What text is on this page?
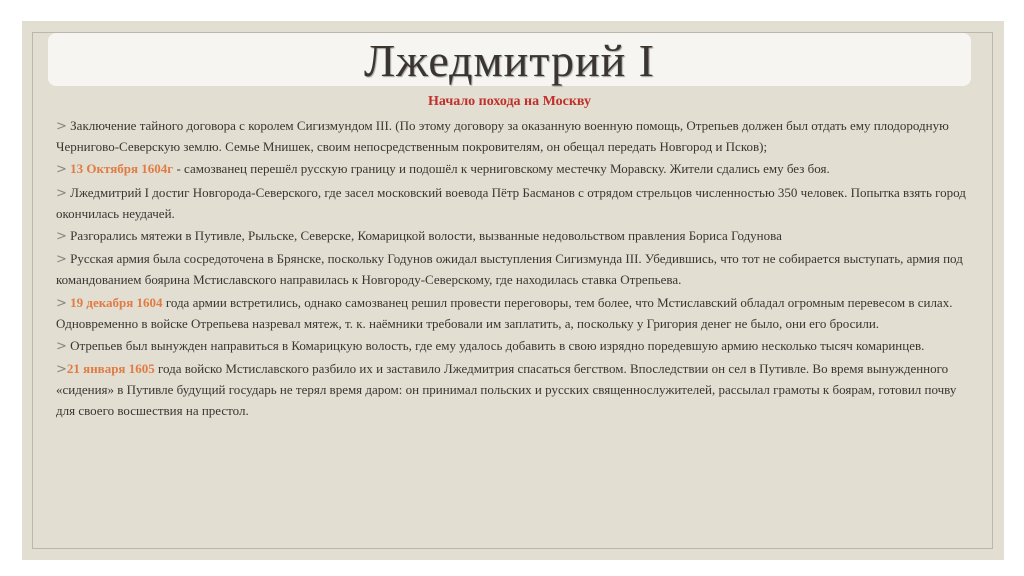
Лжедмитрий I
Начало похода на Москву

> Заключение тайного договора с королем Сигизмундом III. (По этому договору за оказанную военную помощь, Отрепьев должен был отдать ему плодородную Чернигово-Северскую землю. Семье Мнишек, своим непосредственным покровителям, он обещал передать Новгород и Псков);

> 13 Октября 1604г - самозванец перешёл русскую границу и подошёл к черниговскому местечку Моравску. Жители сдались ему без боя.

> Лжедмитрий I достиг Новгорода-Северского, где засел московский воевода Пётр Басманов с отрядом стрельцов численностью 350 человек. Попытка взять город окончилась неудачей.

> Разгорались мятежи в Путивле, Рыльске, Северске, Комарицкой волости, вызванные недовольством правления Бориса Годунова

> Русская армия была сосредоточена в Брянске, поскольку Годунов ожидал выступления Сигизмунда III. Убедившись, что тот не собирается выступать, армия под командованием боярина Мстиславского направилась к Новгороду-Северскому, где находилась ставка Отрепьева.

> 19 декабря 1604 года армии встретились, однако самозванец решил провести переговоры, тем более, что Мстиславский обладал огромным перевесом в силах. Одновременно в войске Отрепьева назревал мятеж, т. к. наёмники требовали им заплатить, а, поскольку у Григория денег не было, они его бросили.

> Отрепьев был вынужден направиться в Комарицкую волость, где ему удалось добавить в свою изрядно поредевшую армию несколько тысяч комаринцев.

>21 января 1605 года войско Мстиславского разбило их и заставило Лжедмитрия спасаться бегством. Впоследствии он сел в Путивле. Во время вынужденного «сидения» в Путивле будущий государь не терял время даром: он принимал польских и русских священнослужителей, рассылал грамоты к боярам, готовил почву для своего восшествия на престол.
